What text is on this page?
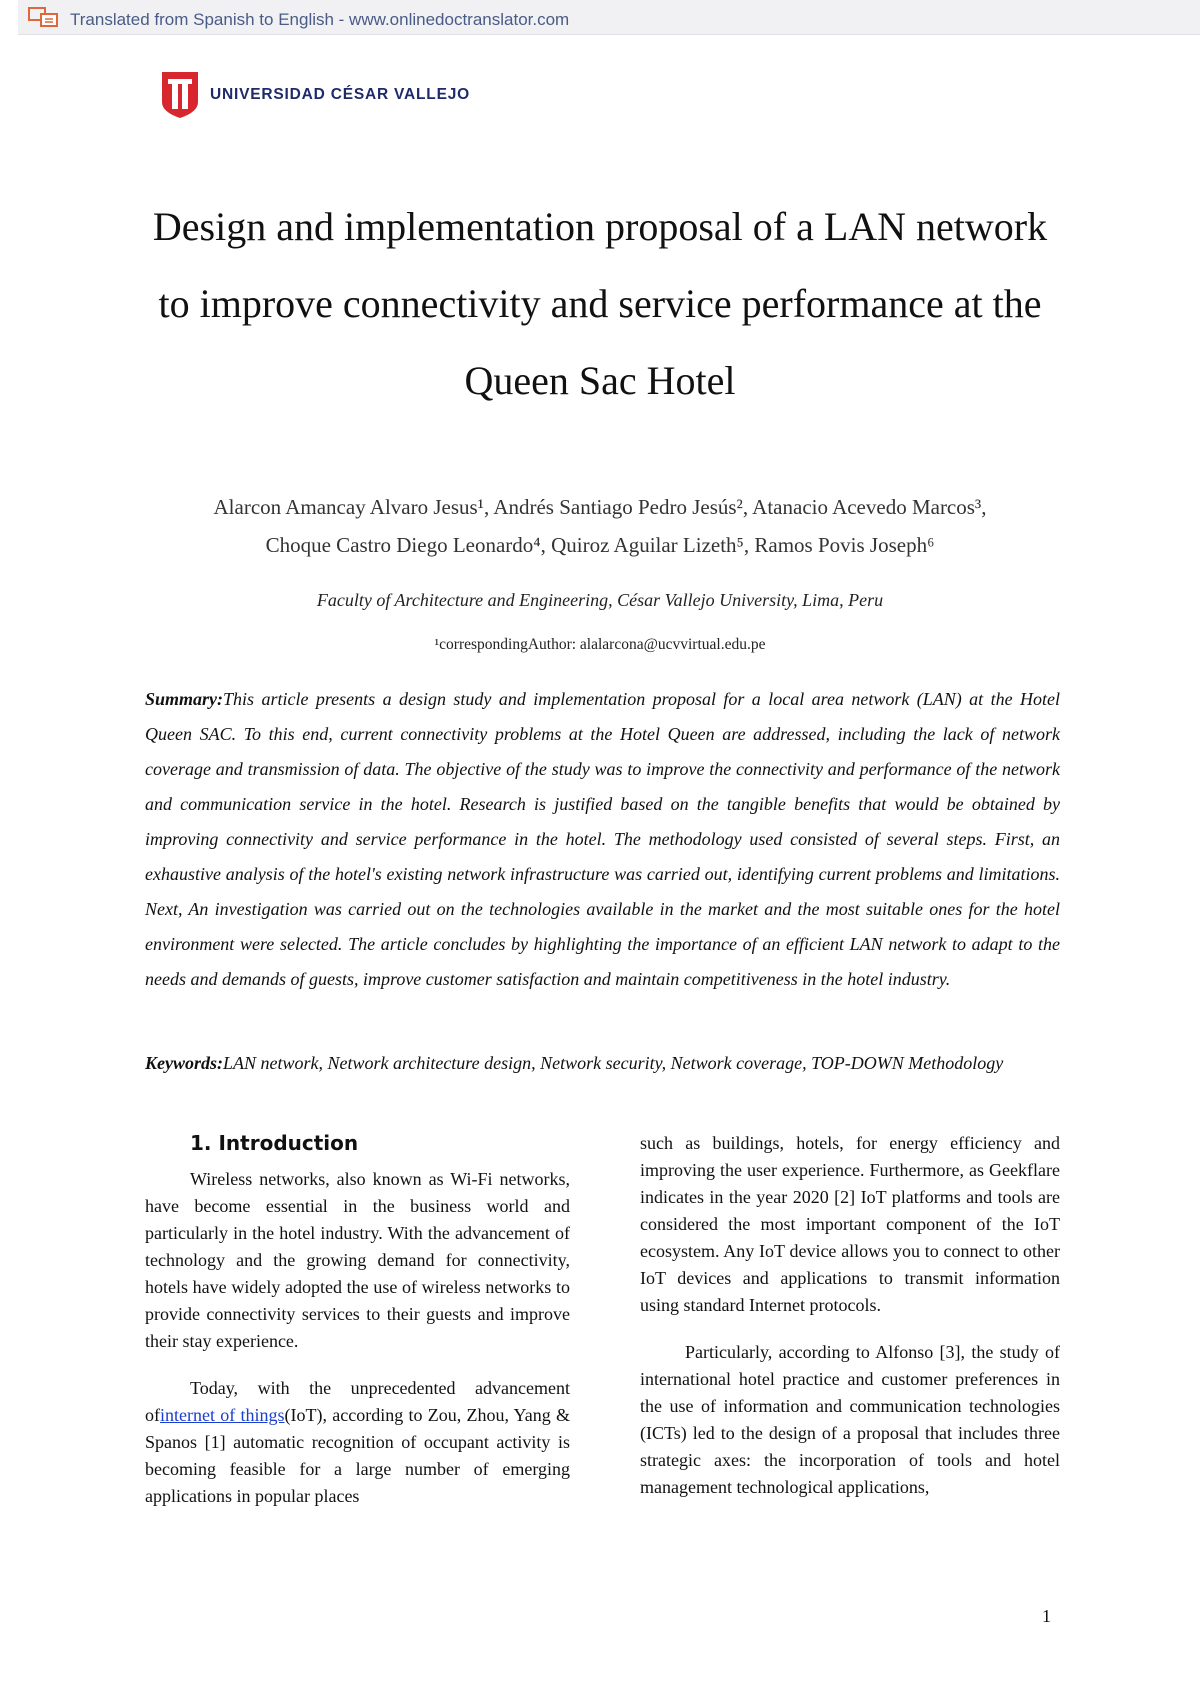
Translated from Spanish to English - www.onlinedoctranslator.com
UNIVERSIDAD CÉSAR VALLEJO
Design and implementation proposal of a LAN network to improve connectivity and service performance at the Queen Sac Hotel
Alarcon Amancay Alvaro Jesus¹, Andrés Santiago Pedro Jesús², Atanacio Acevedo Marcos³,
Choque Castro Diego Leonardo⁴, Quiroz Aguilar Lizeth⁵, Ramos Povis Joseph⁶
Faculty of Architecture and Engineering, César Vallejo University, Lima, Peru
¹correspondingAuthor: alalarcona@ucvvirtual.edu.pe
Summary:This article presents a design study and implementation proposal for a local area network (LAN) at the Hotel Queen SAC. To this end, current connectivity problems at the Hotel Queen are addressed, including the lack of network coverage and transmission of data. The objective of the study was to improve the connectivity and performance of the network and communication service in the hotel. Research is justified based on the tangible benefits that would be obtained by improving connectivity and service performance in the hotel. The methodology used consisted of several steps. First, an exhaustive analysis of the hotel's existing network infrastructure was carried out, identifying current problems and limitations. Next, An investigation was carried out on the technologies available in the market and the most suitable ones for the hotel environment were selected. The article concludes by highlighting the importance of an efficient LAN network to adapt to the needs and demands of guests, improve customer satisfaction and maintain competitiveness in the hotel industry.
Keywords:LAN network, Network architecture design, Network security, Network coverage, TOP-DOWN Methodology
1. Introduction

Wireless networks, also known as Wi-Fi networks, have become essential in the business world and particularly in the hotel industry. With the advancement of technology and the growing demand for connectivity, hotels have widely adopted the use of wireless networks to provide connectivity services to their guests and improve their stay experience.

Today, with the unprecedented advancement ofinternet of things(IoT), according to Zou, Zhou, Yang & Spanos [1] automatic recognition of occupant activity is becoming feasible for a large number of emerging applications in popular places

such as buildings, hotels, for energy efficiency and improving the user experience. Furthermore, as Geekflare indicates in the year 2020 [2] IoT platforms and tools are considered the most important component of the IoT ecosystem. Any IoT device allows you to connect to other IoT devices and applications to transmit information using standard Internet protocols.

Particularly, according to Alfonso [3], the study of international hotel practice and customer preferences in the use of information and communication technologies (ICTs) led to the design of a proposal that includes three strategic axes: the incorporation of tools and hotel management technological applications,

1
